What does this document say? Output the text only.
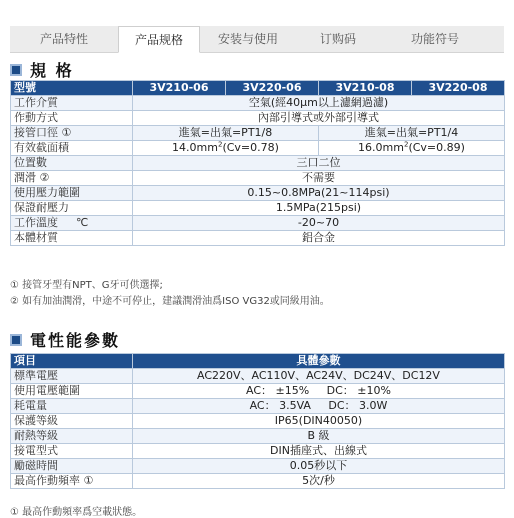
产品特性	产品规格	安装与使用	订购码	功能符号
規 格
型號	3V210-06	3V220-06	3V210-08	3V220-08
工作介質	空氣(經40μm以上濾網過濾)			
作動方式	內部引導式或外部引導式			
接管口徑 ①	進氣=出氣=PT1/8		進氣=出氣=PT1/4	
有效截面積	$14.0mm^2(Cv=0.78)$		$16.0mm^2(Cv=0.89)$	
位置數	三口二位			
潤滑 ②	不需要			
使用壓力範圍	0.15~0.8MPa(21~114psi)			
保證耐壓力	1.5MPa(215psi)			
工作溫度 ℃	-20~70			
本體材質	鋁合金			
① 接管牙型有NPT、G牙可供選擇;
② 如有加油潤滑，中途不可停止，建議潤滑油爲ISO VG32或同級用油。
電性能參數
項目	具體參數
標準電壓	AC220V、AC110V、AC24V、DC24V、DC12V
使用電壓範圍	AC： ±15%     DC： ±10%
耗電量	AC： 3.5VA     DC： 3.0W
保護等級	IP65(DIN40050)
耐熱等級	B 級
接電型式	DIN插座式、出線式
勵磁時間	0.05秒以下
最高作動頻率 ①	5次/秒
① 最高作動頻率爲空載狀態。
